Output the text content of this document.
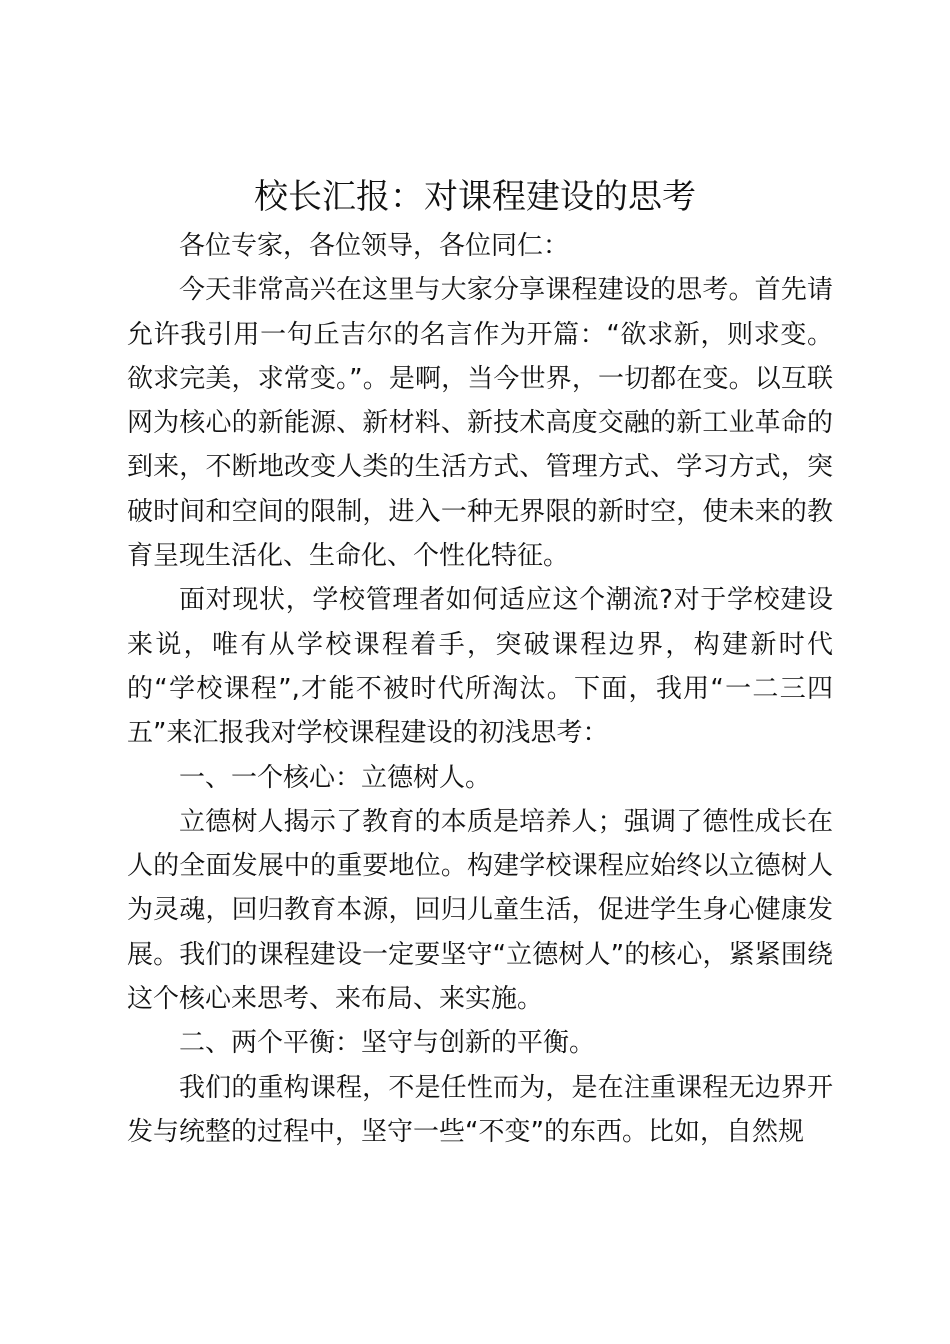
校长汇报：对课程建设的思考

各位专家，各位领导，各位同仁：

今天非常高兴在这里与大家分享课程建设的思考。首先请允许我引用一句丘吉尔的名言作为开篇：“欲求新，则求变。欲求完美，求常变。”。是啊，当今世界，一切都在变。以互联网为核心的新能源、新材料、新技术高度交融的新工业革命的到来，不断地改变人类的生活方式、管理方式、学习方式，突破时间和空间的限制，进入一种无界限的新时空，使未来的教育呈现生活化、生命化、个性化特征。

面对现状，学校管理者如何适应这个潮流?对于学校建设来说，唯有从学校课程着手，突破课程边界，构建新时代的“学校课程”,才能不被时代所淘汰。下面，我用“一二三四五”来汇报我对学校课程建设的初浅思考：

一、一个核心：立德树人。

立德树人揭示了教育的本质是培养人；强调了德性成长在人的全面发展中的重要地位。构建学校课程应始终以立德树人为灵魂，回归教育本源，回归儿童生活，促进学生身心健康发展。我们的课程建设一定要坚守“立德树人”的核心，紧紧围绕这个核心来思考、来布局、来实施。

二、两个平衡：坚守与创新的平衡。

我们的重构课程，不是任性而为，是在注重课程无边界开发与统整的过程中，坚守一些“不变”的东西。比如，自然规
